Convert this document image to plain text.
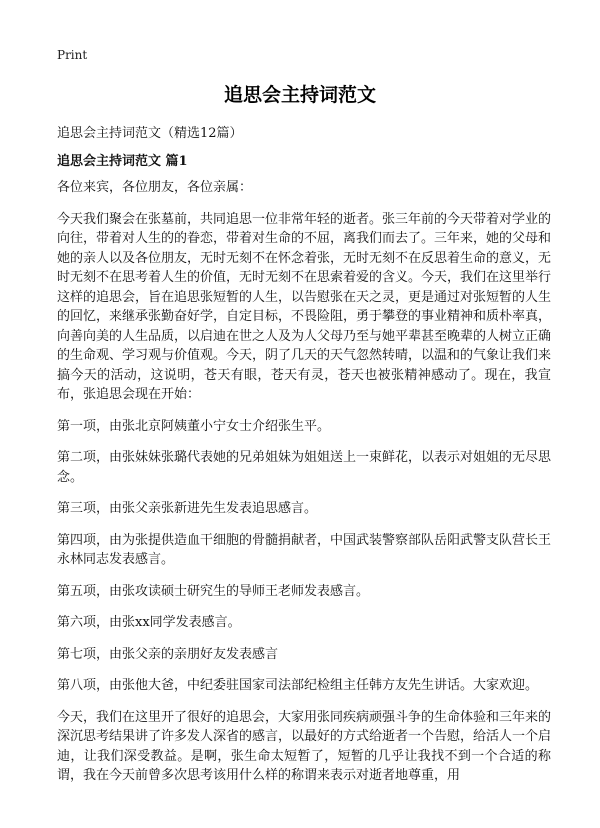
Print
追思会主持词范文
追思会主持词范文（精选12篇）
追思会主持词范文 篇1

各位来宾，各位朋友，各位亲属：

今天我们聚会在张墓前，共同追思一位非常年轻的逝者。张三年前的今天带着对学业的向往，带着对人生的的眷恋，带着对生命的不屈，离我们而去了。三年来，她的父母和她的亲人以及各位朋友，无时无刻不在怀念着张，无时无刻不在反思着生命的意义，无时无刻不在思考着人生的价值，无时无刻不在思索着爱的含义。今天，我们在这里举行这样的追思会，旨在追思张短暂的人生，以告慰张在天之灵，更是通过对张短暂的人生的回忆，来继承张勤奋好学，自定目标，不畏险阻，勇于攀登的事业精神和质朴率真，向善向美的人生品质，以启迪在世之人及为人父母乃至与她平辈甚至晚辈的人树立正确的生命观、学习观与价值观。今天，阴了几天的天气忽然转晴，以温和的气象让我们来搞今天的活动，这说明，苍天有眼，苍天有灵，苍天也被张精神感动了。现在，我宣布，张追思会现在开始：

第一项，由张北京阿姨董小宁女士介绍张生平。

第二项，由张妹妹张璐代表她的兄弟姐妹为姐姐送上一束鲜花，以表示对姐姐的无尽思念。

第三项，由张父亲张新进先生发表追思感言。

第四项，由为张提供造血干细胞的骨髓捐献者，中国武装警察部队岳阳武警支队营长王永林同志发表感言。

第五项，由张攻读硕士研究生的导师王老师发表感言。

第六项，由张xx同学发表感言。

第七项，由张父亲的亲朋好友发表感言

第八项，由张他大爸，中纪委驻国家司法部纪检组主任韩方友先生讲话。大家欢迎。

今天，我们在这里开了很好的追思会，大家用张同疾病顽强斗争的生命体验和三年来的深沉思考结果讲了许多发人深省的感言，以最好的方式给逝者一个告慰，给活人一个启迪，让我们深受教益。是啊，张生命太短暂了，短暂的几乎让我找不到一个合适的称谓，我在今天前曾多次思考该用什么样的称谓来表示对逝者地尊重，用
